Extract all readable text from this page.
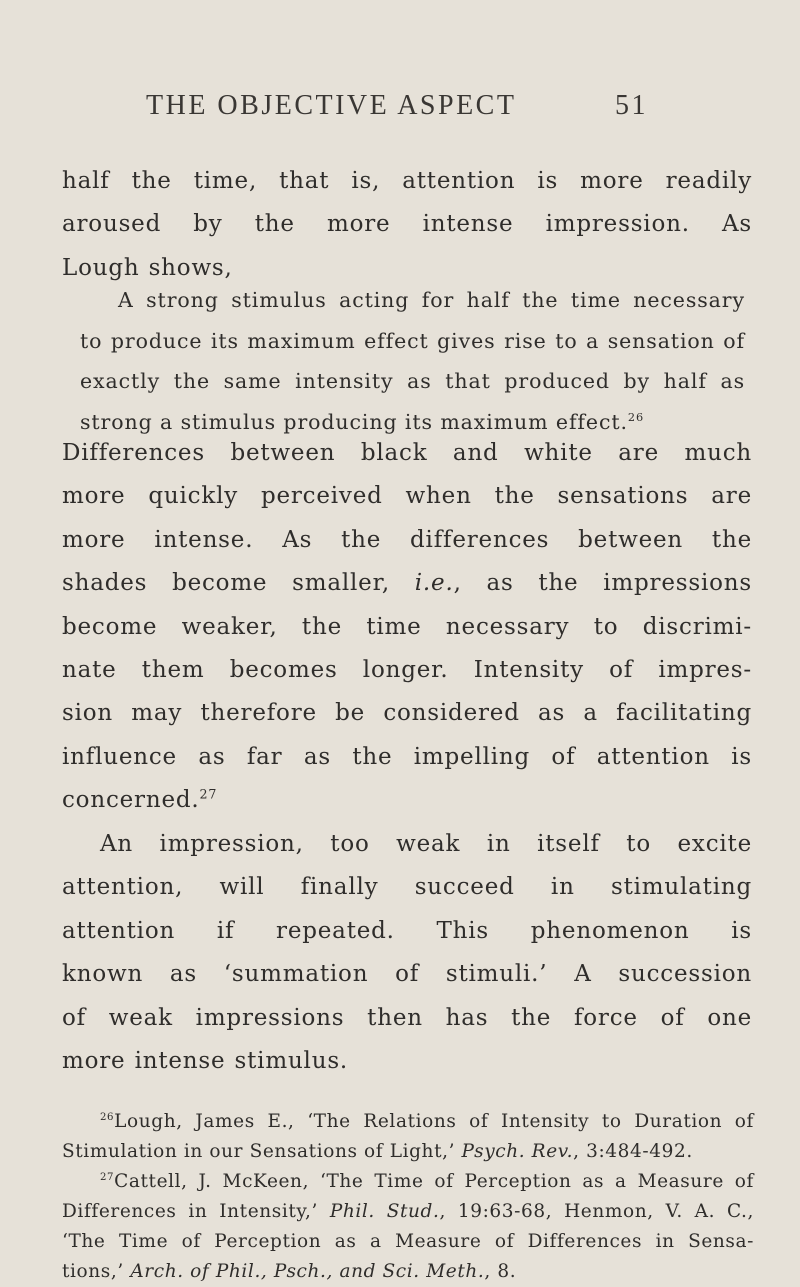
THE OBJECTIVE ASPECT	51
half the time, that is, attention is more readily
aroused by the more intense impression. As
Lough shows,
A strong stimulus acting for half the time necessary
to produce its maximum effect gives rise to a sensation of
exactly the same intensity as that produced by half as
strong a stimulus producing its maximum effect.$^{26}$
Differences between black and white are much
more quickly perceived when the sensations are
more intense. As the differences between the
shades become smaller, i.e., as the impressions
become weaker, the time necessary to discrimi-
nate them becomes longer. Intensity of impres-
sion may therefore be considered as a facilitating
influence as far as the impelling of attention is
concerned.$^{27}$
An impression, too weak in itself to excite
attention, will finally succeed in stimulating
attention if repeated. This phenomenon is
known as ‘summation of stimuli.’ A succession
of weak impressions then has the force of one
more intense stimulus.
$^{26}$Lough, James E., ‘The Relations of Intensity to Duration of
Stimulation in our Sensations of Light,’ Psych. Rev., 3:484-492.
$^{27}$Cattell, J. McKeen, ‘The Time of Perception as a Measure of
Differences in Intensity,’ Phil. Stud., 19:63-68, Henmon, V. A. C.,
‘The Time of Perception as a Measure of Differences in Sensa-
tions,’ Arch. of Phil., Psch., and Sci. Meth., 8.
